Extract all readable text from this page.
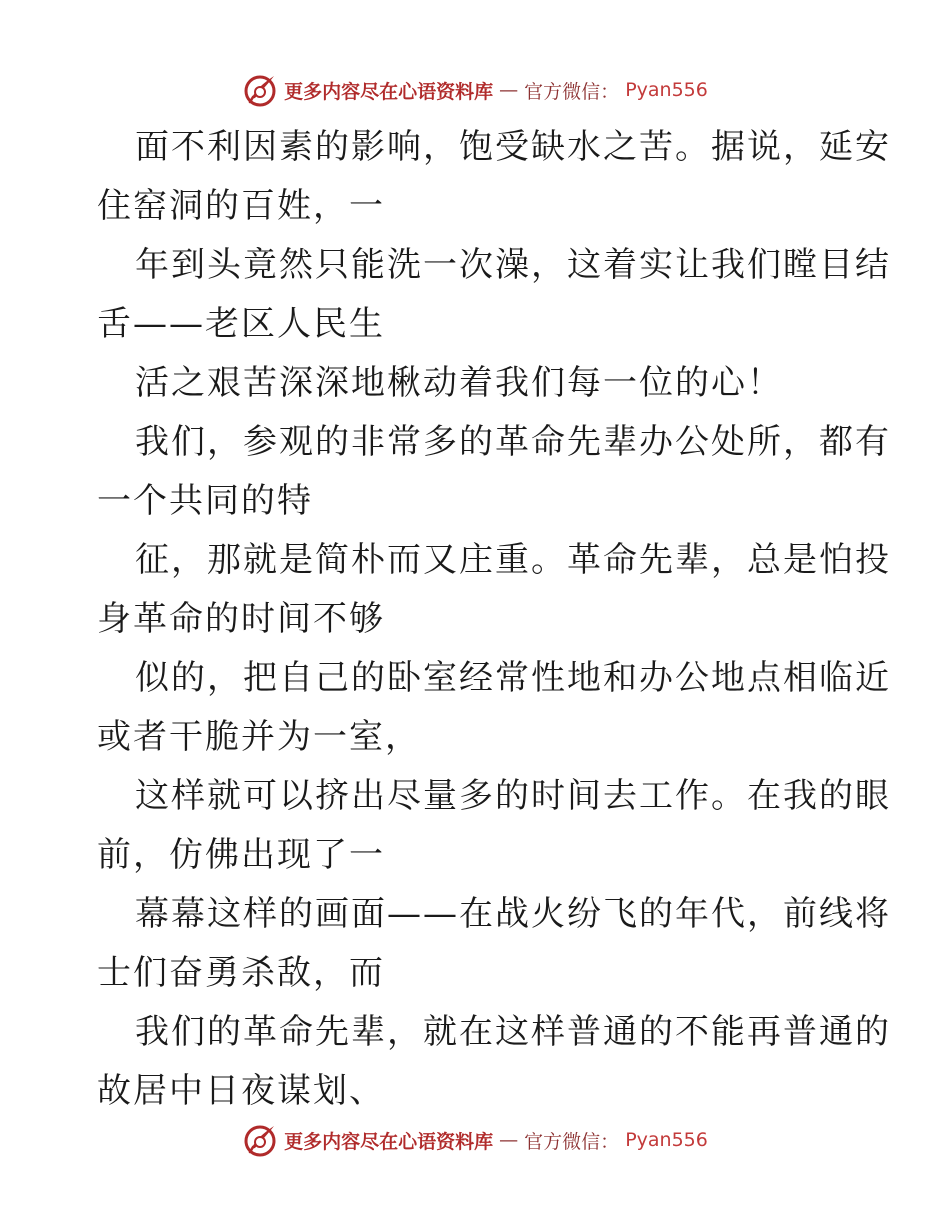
更多内容尽在心语资料库 — 官方微信： Pyan556
面不利因素的影响，饱受缺水之苦。据说，延安
住窑洞的百姓，一
年到头竟然只能洗一次澡，这着实让我们瞠目结
舌——老区人民生
活之艰苦深深地楸动着我们每一位的心！
我们，参观的非常多的革命先辈办公处所，都有
一个共同的特
征，那就是简朴而又庄重。革命先辈，总是怕投
身革命的时间不够
似的，把自己的卧室经常性地和办公地点相临近
或者干脆并为一室，
这样就可以挤出尽量多的时间去工作。在我的眼
前，仿佛出现了一
幕幕这样的画面——在战火纷飞的年代，前线将
士们奋勇杀敌，而
我们的革命先辈，就在这样普通的不能再普通的
故居中日夜谋划、
更多内容尽在心语资料库 — 官方微信： Pyan556
